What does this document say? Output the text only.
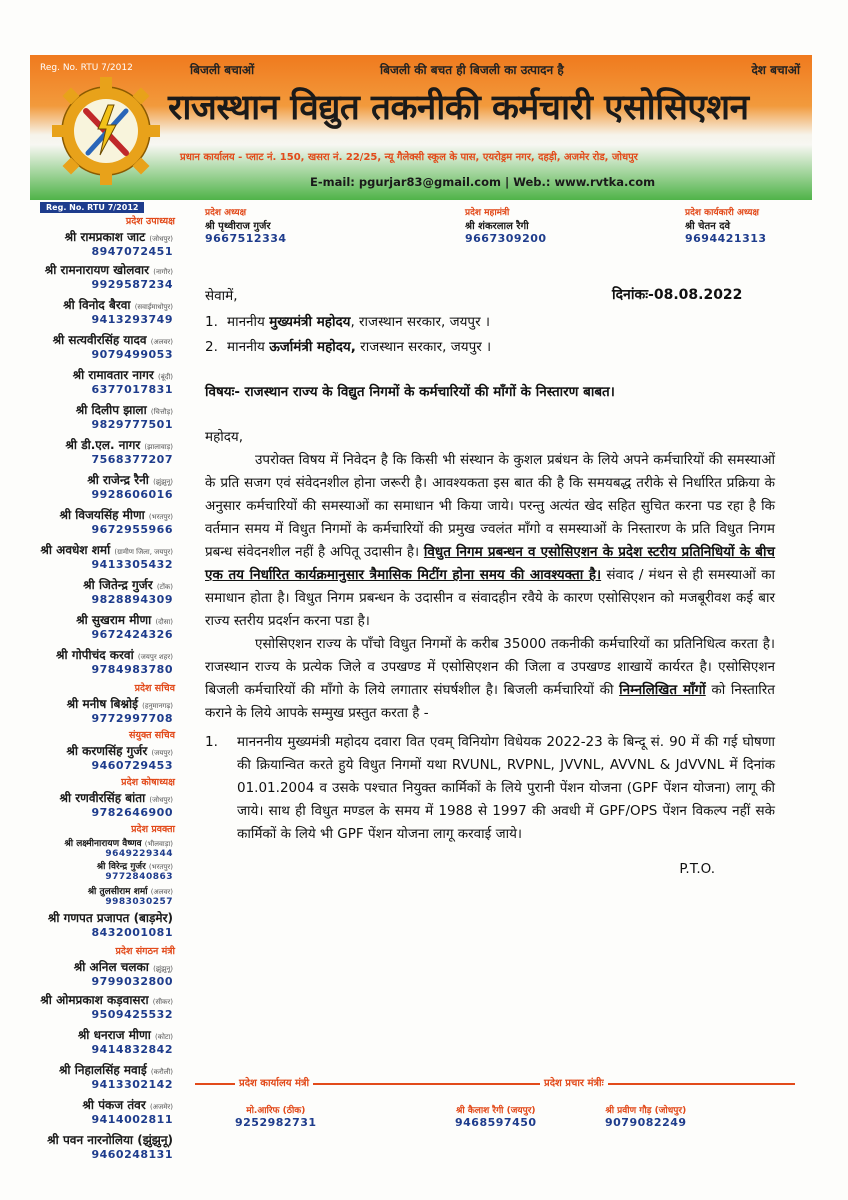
Reg. No. RTU 7/2012	बिजली बचाओं	बिजली की बचत ही बिजली का उत्पादन है	देश बचाओं
राजस्थान विद्युत तकनीकी कर्मचारी एसोसिएशन
प्रधान कार्यालय - प्लाट नं. 150, खसरा नं. 22/25, न्यू गैलेक्सी स्कूल के पास, एयरोड्रम नगर, दहड़ी, अजमेर रोड, जोधपुर
E-mail: pgurjar83@gmail.com | Web.: www.rvtka.com
Reg. No. RTU 7/2012
प्रदेश उपाध्यक्ष
श्री रामप्रकाश जाट (जोधपुर)
8947072451
श्री रामनारायण खोलवार (नागौर)
9929587234
श्री विनोद बैरवा (सवाईमाधोपुर)
9413293749
श्री सत्यवीरसिंह यादव (अलवर)
9079499053
श्री रामावतार नागर (बूंदी)
6377017831
श्री दिलीप झाला (चित्तौड़)
9829777501
श्री डी.एल. नागर (झालावाड़)
7568377207
श्री राजेन्द्र रैनी (झुंझुनू)
9928606016
श्री विजयसिंह मीणा (भरतपुर)
9672955966
श्री अवधेश शर्मा (ग्रामीण जिला, जयपुर)
9413305432
श्री जितेन्द्र गुर्जर (टोंक)
9828894309
श्री सुखराम मीणा (दौसा)
9672424326
श्री गोपीचंद करवां (जयपुर शहर)
9784983780
प्रदेश सचिव
श्री मनीष बिश्नोई (हनुमानगढ़)
9772997708
संयुक्त सचिव
श्री करणसिंह गुर्जर (जयपुर)
9460729453
प्रदेश कोषाध्यक्ष
श्री रणवीरसिंह बांता (जोधपुर)
9782646900
प्रदेश प्रवक्ता
श्री लक्ष्मीनारायण वैष्णव (भीलवाड़ा)
9649229344
श्री विरेन्द्र गुर्जर (भरतपुर)
9772840863
श्री तुलसीराम शर्मा (अलवर)
9983030257
श्री गणपत प्रजापत (बाड़मेर)
8432001081
प्रदेश संगठन मंत्री
श्री अनिल चलका (झुंझुनू)
9799032800
श्री ओमप्रकाश कड़वासरा (सीकर)
9509425532
श्री धनराज मीणा (कोटा)
9414832842
श्री निहालसिंह मवाई (करौली)
9413302142
श्री पंकज तंवर (अजमेर)
9414002811
श्री पवन नारनोलिया (झुंझुनू)
9460248131
प्रदेश अध्यक्ष
श्री पृथ्वीराज गुर्जर
9667512334
प्रदेश महामंत्री
श्री शंकरलाल रैगी
9667309200
प्रदेश कार्यकारी अध्यक्ष
श्री चेतन दवे
9694421313
दिनांकः-08.08.2022

सेवामें,

1. माननीय मुख्यमंत्री महोदय, राजस्थान सरकार, जयपुर ।
2. माननीय ऊर्जामंत्री महोदय, राजस्थान सरकार, जयपुर ।
विषयः- राजस्थान राज्य के विद्युत निगमों के कर्मचारियों की माँगों के निस्तारण बाबत।
महोदय,

उपरोक्त विषय में निवेदन है कि किसी भी संस्थान के कुशल प्रबंधन के लिये अपने कर्मचारियों की समस्याओं के प्रति सजग एवं संवेदनशील होना जरूरी है। आवश्यकता इस बात की है कि समयबद्ध तरीके से निर्धारित प्रक्रिया के अनुसार कर्मचारियों की समस्याओं का समाधान भी किया जाये। परन्तु अत्यंत खेद सहित सुचित करना पड रहा है कि वर्तमान समय में विधुत निगमों के कर्मचारियों की प्रमुख ज्वलंत माँगो व समस्याओं के निस्तारण के प्रति विधुत निगम प्रबन्ध संवेदनशील नहीं है अपितू उदासीन है। विधुत निगम प्रबन्धन व एसोसिएशन के प्रदेश स्टरीय प्रतिनिधियों के बीच एक तय निर्धारित कार्यक्रमानुसार त्रैमासिक मिटींग होना समय की आवश्यक्ता है। संवाद / मंथन से ही समस्याओं का समाधान होता है। विधुत निगम प्रबन्धन के उदासीन व संवादहीन रवैये के कारण एसोसिएशन को मजबूरीवश कई बार राज्य स्तरीय प्रदर्शन करना पडा है।

एसोसिएशन राज्य के पाँचो विधुत निगमों के करीब 35000 तकनीकी कर्मचारियों का प्रतिनिधित्व करता है। राजस्थान राज्य के प्रत्येक जिले व उपखण्ड में एसोसिएशन की जिला व उपखण्ड शाखायें कार्यरत है। एसोसिएशन बिजली कर्मचारियों की माँगो के लिये लगातार संघर्षशील है। बिजली कर्मचारियों की निम्नलिखित माँगों को निस्तारित कराने के लिये आपके सम्मुख प्रस्तुत करता है -

1.	मानननीय मुख्यमंत्री महोदय दवारा वित एवम् विनियोग विधेयक 2022-23 के बिन्दू सं. 90 में की गई घोषणा की क्रियान्वित करते हुये विधुत निगमों यथा RVUNL, RVPNL, JVVNL, AVVNL & JdVVNL में दिनांक 01.01.2004 व उसके पश्चात नियुक्त कार्मिकों के लिये पुरानी पेंशन योजना (GPF पेंशन योजना) लागू की जाये। साथ ही विधुत मण्डल के समय में 1988 से 1997 की अवधी में GPF/OPS पेंशन विकल्प नहीं सके कार्मिकों के लिये भी GPF पेंशन योजना लागू करवाई जाये।
P.T.O.
प्रदेश कार्यालय मंत्री	प्रदेश प्रचार मंत्रीः
मो.आरिफ (ठीक)
9252982731
श्री कैलाश रैगी (जयपुर)
9468597450
श्री प्रवीण गौड़ (जोधपुर)
9079082249
